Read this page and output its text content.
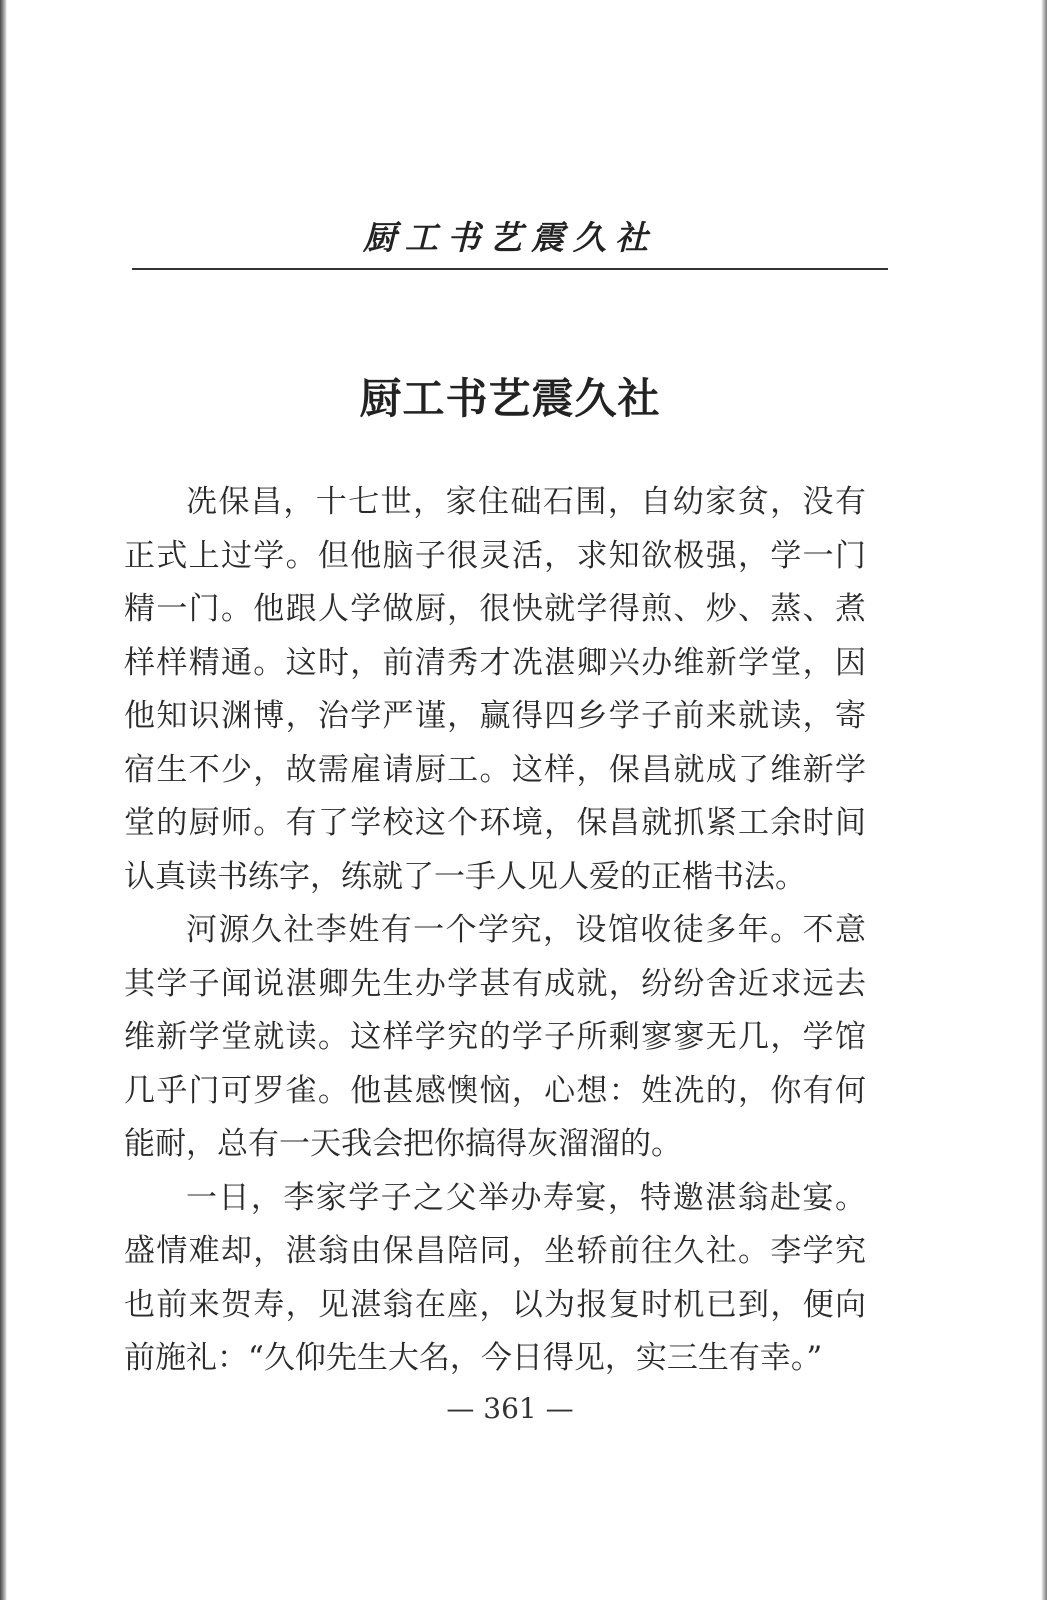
厨工书艺震久社
厨工书艺震久社

冼保昌，十七世，家住础石围，自幼家贫，没有正式上过学。但他脑子很灵活，求知欲极强，学一门精一门。他跟人学做厨，很快就学得煎、炒、蒸、煮样样精通。这时，前清秀才冼湛卿兴办维新学堂，因他知识渊博，治学严谨，赢得四乡学子前来就读，寄宿生不少，故需雇请厨工。这样，保昌就成了维新学堂的厨师。有了学校这个环境，保昌就抓紧工余时间认真读书练字，练就了一手人见人爱的正楷书法。

河源久社李姓有一个学究，设馆收徒多年。不意其学子闻说湛卿先生办学甚有成就，纷纷舍近求远去维新学堂就读。这样学究的学子所剩寥寥无几，学馆几乎门可罗雀。他甚感懊恼，心想：姓冼的，你有何能耐，总有一天我会把你搞得灰溜溜的。

一日，李家学子之父举办寿宴，特邀湛翁赴宴。盛情难却，湛翁由保昌陪同，坐轿前往久社。李学究也前来贺寿，见湛翁在座，以为报复时机已到，便向前施礼：“久仰先生大名，今日得见，实三生有幸。”

— 361 —
